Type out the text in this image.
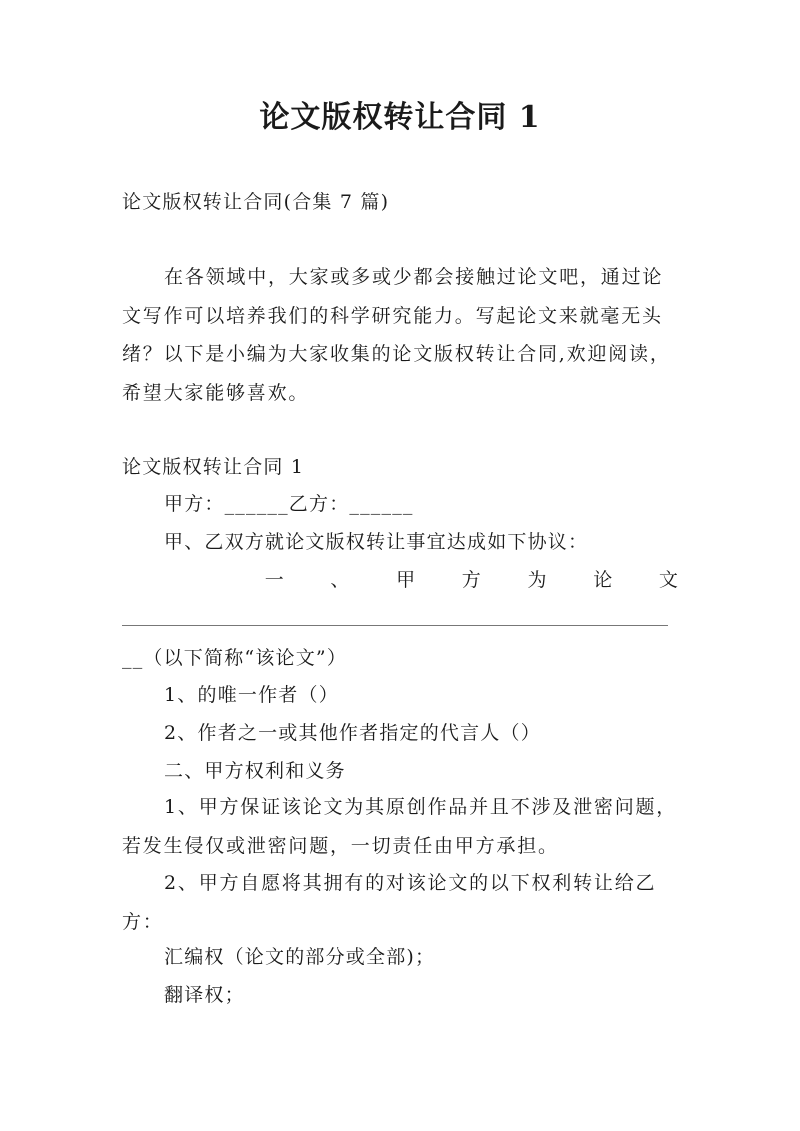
论文版权转让合同 1
论文版权转让合同(合集 7 篇)
在各领域中，大家或多或少都会接触过论文吧，通过论文写作可以培养我们的科学研究能力。写起论文来就毫无头绪？以下是小编为大家收集的论文版权转让合同,欢迎阅读，希望大家能够喜欢。
论文版权转让合同 1
甲方：______乙方：______
甲、乙双方就论文版权转让事宜达成如下协议：
一 、 甲 方 为 论 文
__（以下简称“该论文”）
1、的唯一作者（）
2、作者之一或其他作者指定的代言人（）
二、甲方权利和义务
1、甲方保证该论文为其原创作品并且不涉及泄密问题，若发生侵仅或泄密问题，一切责任由甲方承担。
2、甲方自愿将其拥有的对该论文的以下权利转让给乙方：
汇编权（论文的部分或全部)；
翻译权；
